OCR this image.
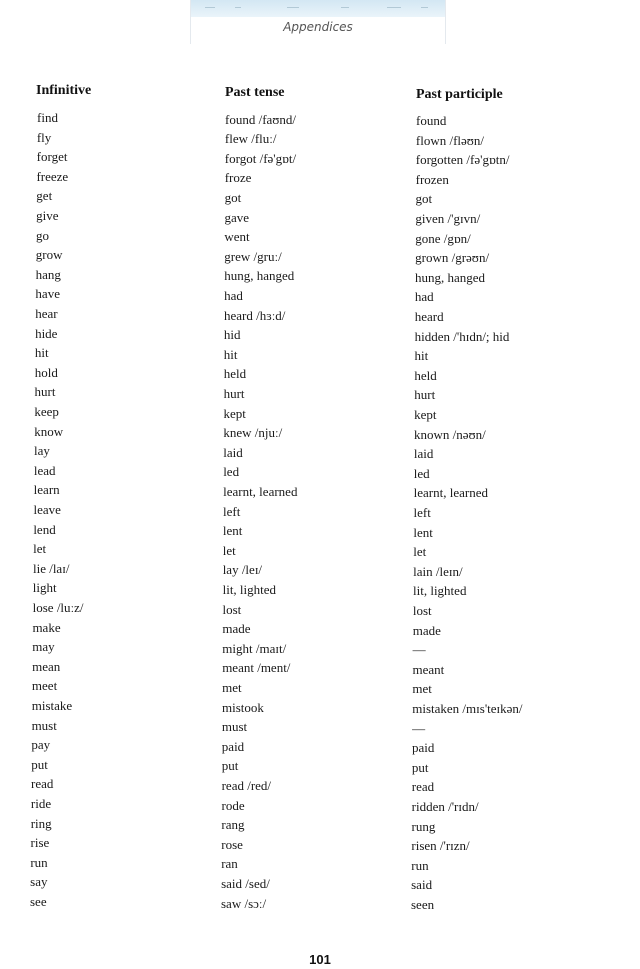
Appendices
Infinitive	Past tense	Past participle
find	found /faʊnd/	found
fly	flew /fluː/	flown /fləʊn/
forget	forgot /fə'gɒt/	forgotten /fə'gɒtn/
freeze	froze	frozen
get	got	got
give	gave	given /'gɪvn/
go	went	gone /gɒn/
grow	grew /gruː/	grown /grəʊn/
hang	hung, hanged	hung, hanged
have	had	had
hear	heard /hɜːd/	heard
hide	hid	hidden /'hɪdn/; hid
hit	hit	hit
hold	held	held
hurt	hurt	hurt
keep	kept	kept
know	knew /njuː/	known /nəʊn/
lay	laid	laid
lead	led	led
learn	learnt, learned	learnt, learned
leave	left	left
lend	lent	lent
let	let	let
lie /laɪ/	lay /leɪ/	lain /leɪn/
light	lit, lighted	lit, lighted
lose /luːz/	lost	lost
make	made	made
may	might /maɪt/	—
mean	meant /ment/	meant
meet	met	met
mistake	mistook	mistaken /mɪs'teɪkən/
must	must	—
pay	paid	paid
put	put	put
read	read /red/	read
ride	rode	ridden /'rɪdn/
ring	rang	rung
rise	rose	risen /'rɪzn/
run	ran	run
say	said /sed/	said
see	saw /sɔː/	seen
101
